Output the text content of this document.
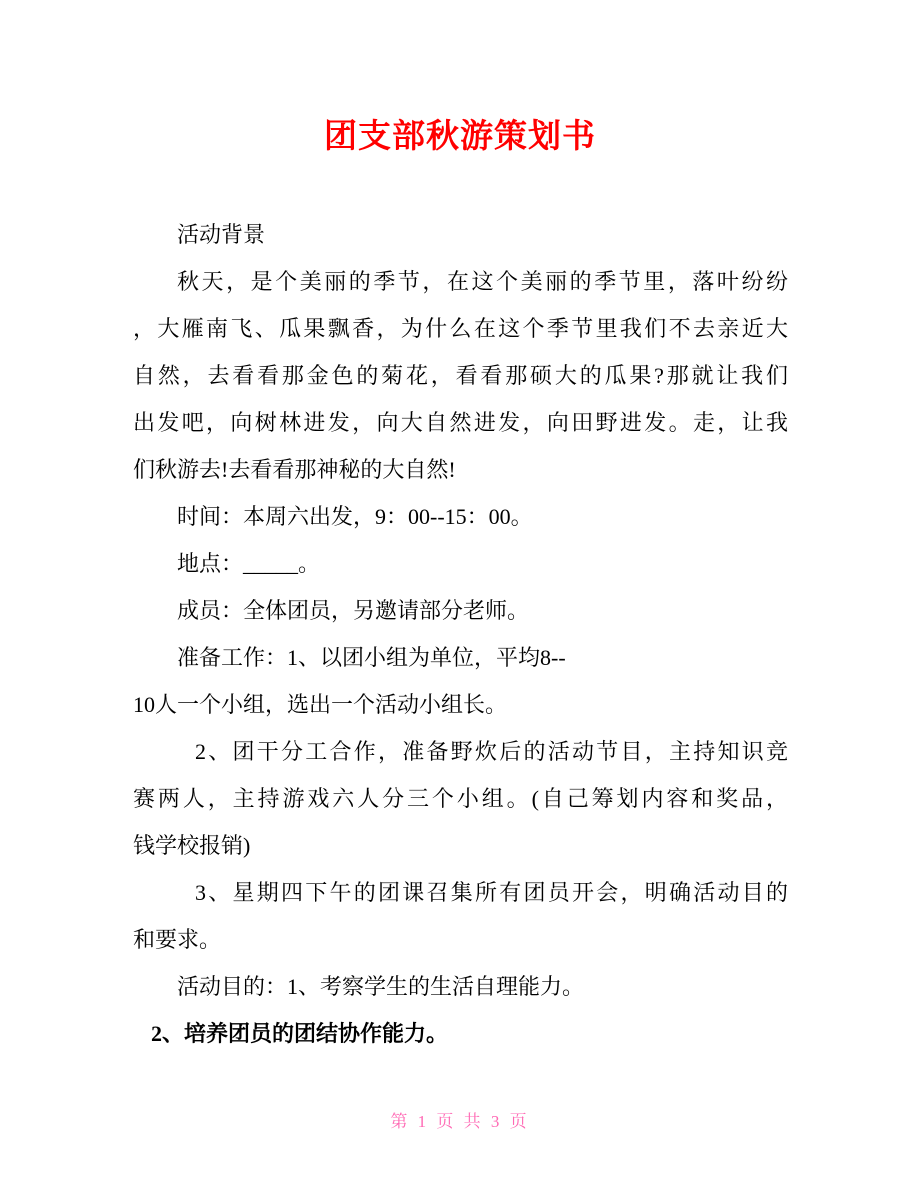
团支部秋游策划书
活动背景
秋天，是个美丽的季节，在这个美丽的季节里，落叶纷纷
，大雁南飞、瓜果飘香，为什么在这个季节里我们不去亲近大
自然，去看看那金色的菊花，看看那硕大的瓜果?那就让我们
出发吧，向树林进发，向大自然进发，向田野进发。走，让我
们秋游去!去看看那神秘的大自然!
时间：本周六出发，9：00--15：00。
地点：_____。
成员：全体团员，另邀请部分老师。
准备工作：1、以团小组为单位，平均8--
10人一个小组，选出一个活动小组长。
2、团干分工合作，准备野炊后的活动节目，主持知识竞
赛两人，主持游戏六人分三个小组。(自己筹划内容和奖品，
钱学校报销)
3、星期四下午的团课召集所有团员开会，明确活动目的
和要求。
活动目的：1、考察学生的生活自理能力。
2、培养团员的团结协作能力。
第 1 页 共 3 页
